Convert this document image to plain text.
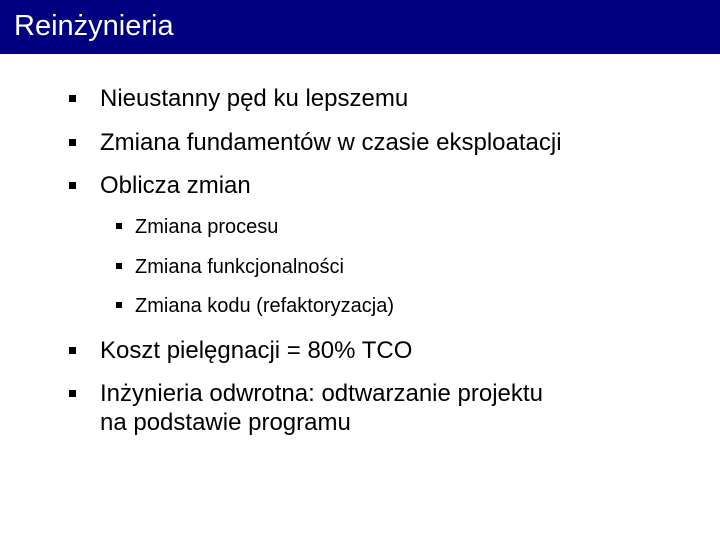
Reinżynieria
Nieustanny pęd ku lepszemu
Zmiana fundamentów w czasie eksploatacji
Oblicza zmian
Zmiana procesu
Zmiana funkcjonalności
Zmiana kodu (refaktoryzacja)
Koszt pielęgnacji = 80% TCO
Inżynieria odwrotna: odtwarzanie projektu
na podstawie programu
